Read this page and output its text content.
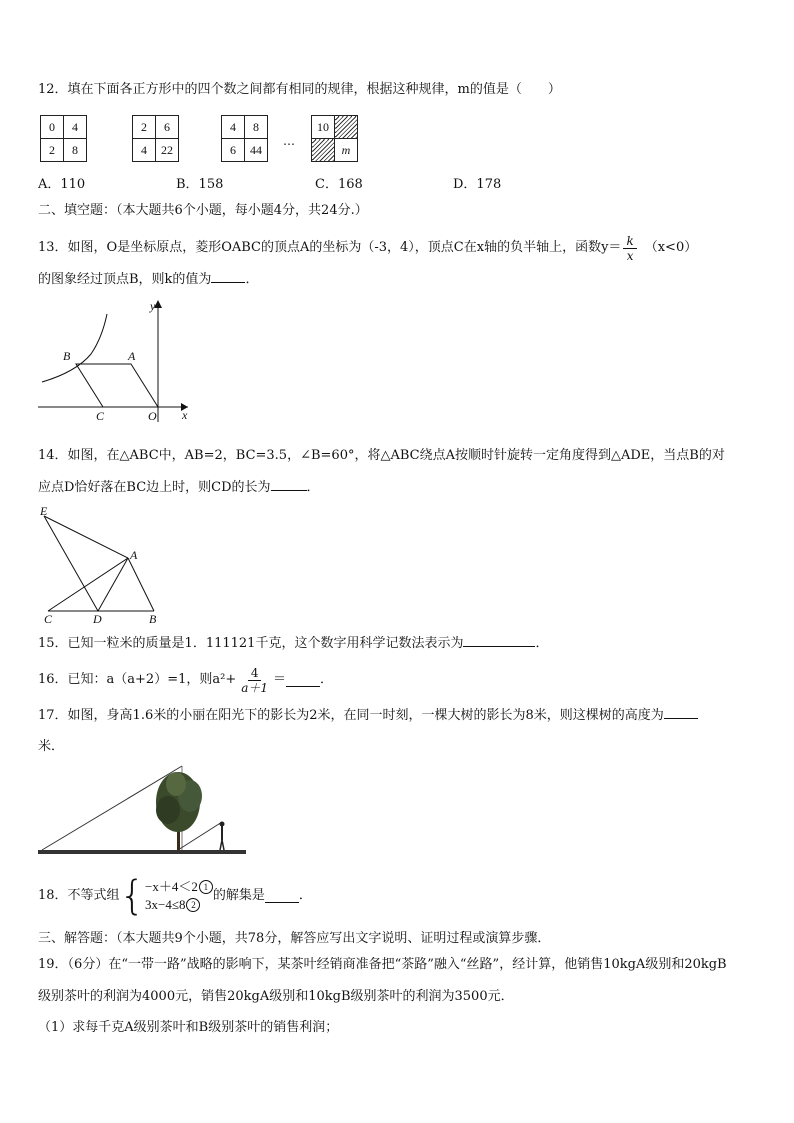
12．填在下面各正方形中的四个数之间都有相同的规律，根据这种规律，m的值是（　　）
0	4
2	8
2	6
4	22
4	8
6	44
…
10	
	m
A．110	B．158	C．168	D．178
二、填空题：（本大题共6个小题，每小题4分，共24分.）
13．如图，O是坐标原点，菱形OABC的顶点A的坐标为（-3，4），顶点C在x轴的负半轴上，函数$y= \frac{k}{x} (x<0)$
的图象经过顶点B，则k的值为	．
x
y
B	A
C	O
14．如图，在△ABC中，AB=2，BC=3.5，∠B=60°，将△ABC绕点A按顺时针旋转一定角度得到△ADE，当点B的对
应点D恰好落在BC边上时，则CD的长为	．
E
A
C	D	B
15．已知一粒米的质量是1．111121千克，这个数字用科学记数法表示为	．
16．已知：a（a+2）=1，则$a^2+ \frac{4}{a+1}$ ＝	．
17．如图，身高1.6米的小丽在阳光下的影长为2米，在同一时刻，一棵大树的影长为8米，则这棵树的高度为
米．
18．不等式组 { −x＋4＜2 1
3x−4≤8 2
的解集是	．
三、解答题：（本大题共9个小题，共78分，解答应写出文字说明、证明过程或演算步骤．
19．（6分）在“一带一路”战略的影响下，某茶叶经销商准备把“茶路”融入“丝路”，经计算，他销售10kgA级别和20kgB
级别茶叶的利润为4000元，销售20kgA级别和10kgB级别茶叶的利润为3500元．
（1）求每千克A级别茶叶和B级别茶叶的销售利润；
